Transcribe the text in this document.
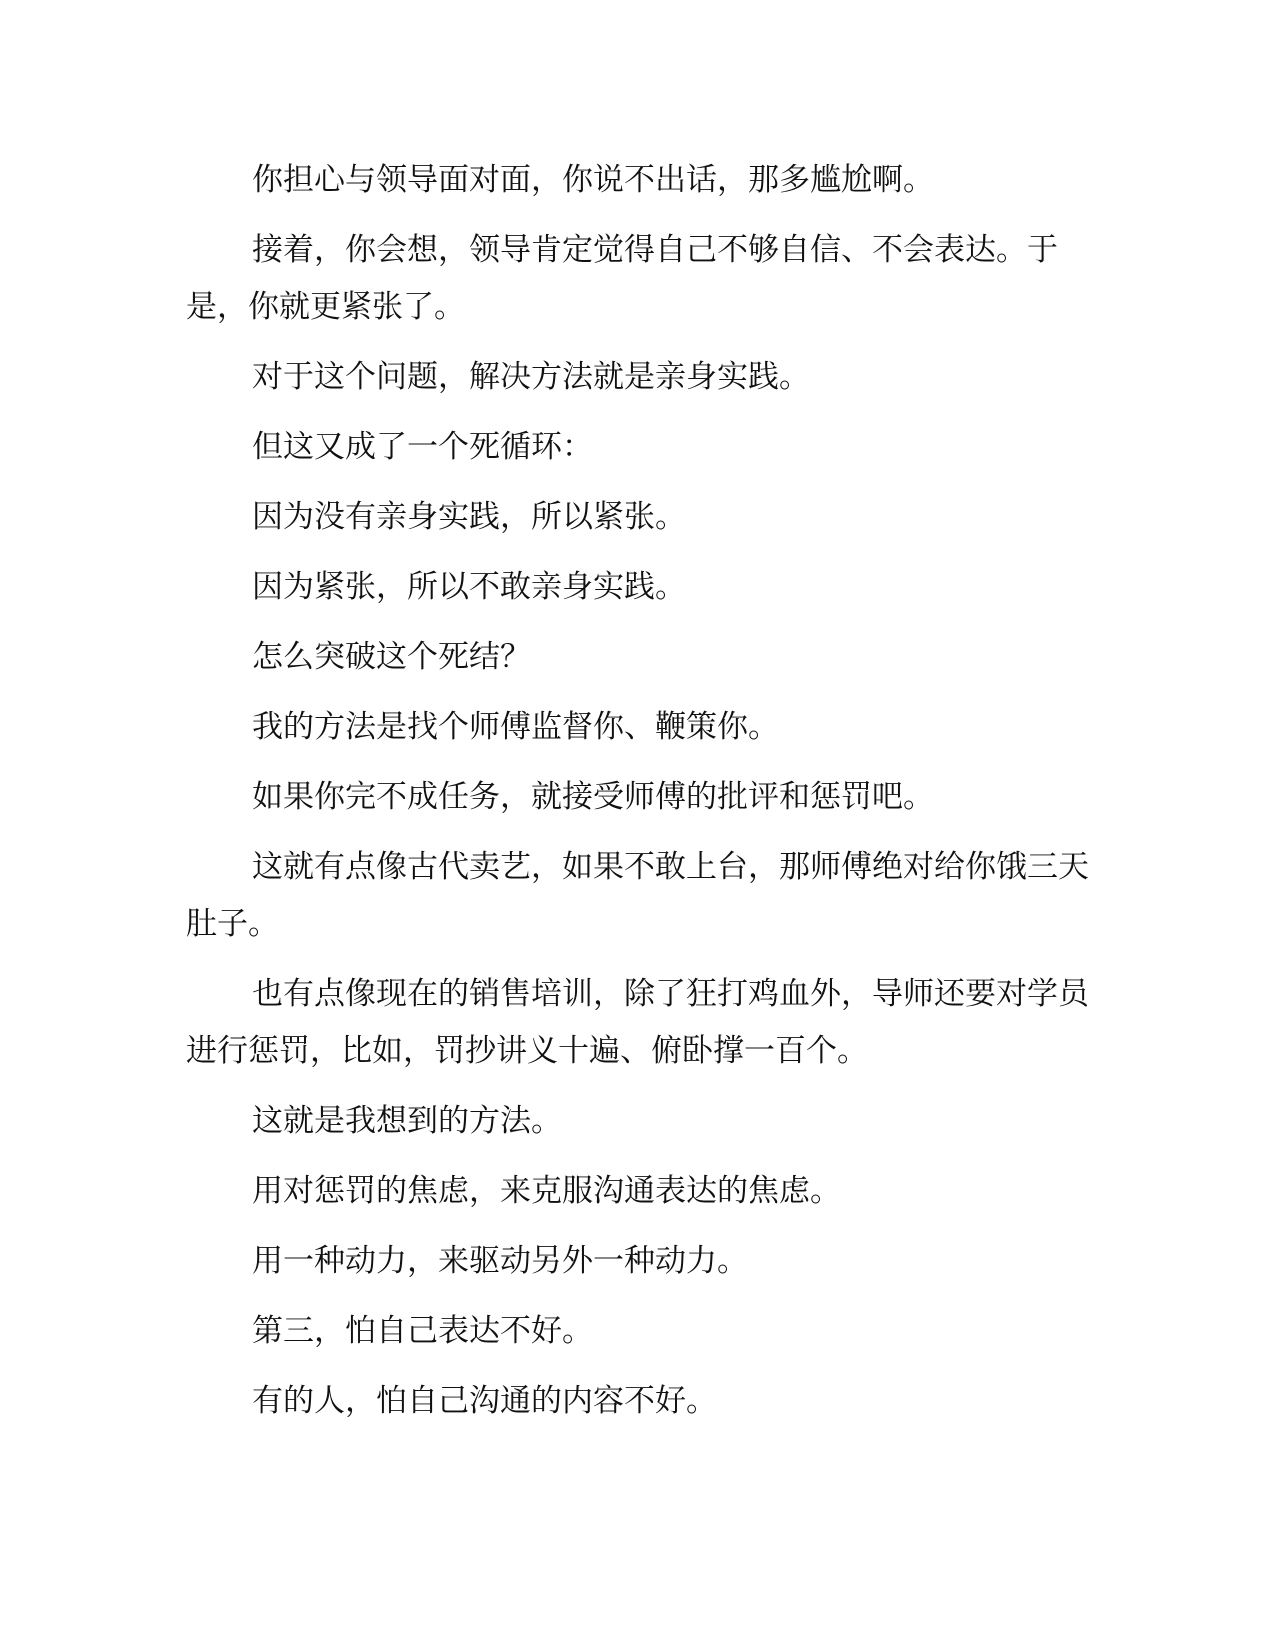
你担心与领导面对面，你说不出话，那多尴尬啊。

接着，你会想，领导肯定觉得自己不够自信、不会表达。于是，你就更紧张了。

对于这个问题，解决方法就是亲身实践。

但这又成了一个死循环：

因为没有亲身实践，所以紧张。

因为紧张，所以不敢亲身实践。

怎么突破这个死结？

我的方法是找个师傅监督你、鞭策你。

如果你完不成任务，就接受师傅的批评和惩罚吧。

这就有点像古代卖艺，如果不敢上台，那师傅绝对给你饿三天肚子。

也有点像现在的销售培训，除了狂打鸡血外，导师还要对学员进行惩罚，比如，罚抄讲义十遍、俯卧撑一百个。

这就是我想到的方法。

用对惩罚的焦虑，来克服沟通表达的焦虑。

用一种动力，来驱动另外一种动力。

第三，怕自己表达不好。

有的人，怕自己沟通的内容不好。
